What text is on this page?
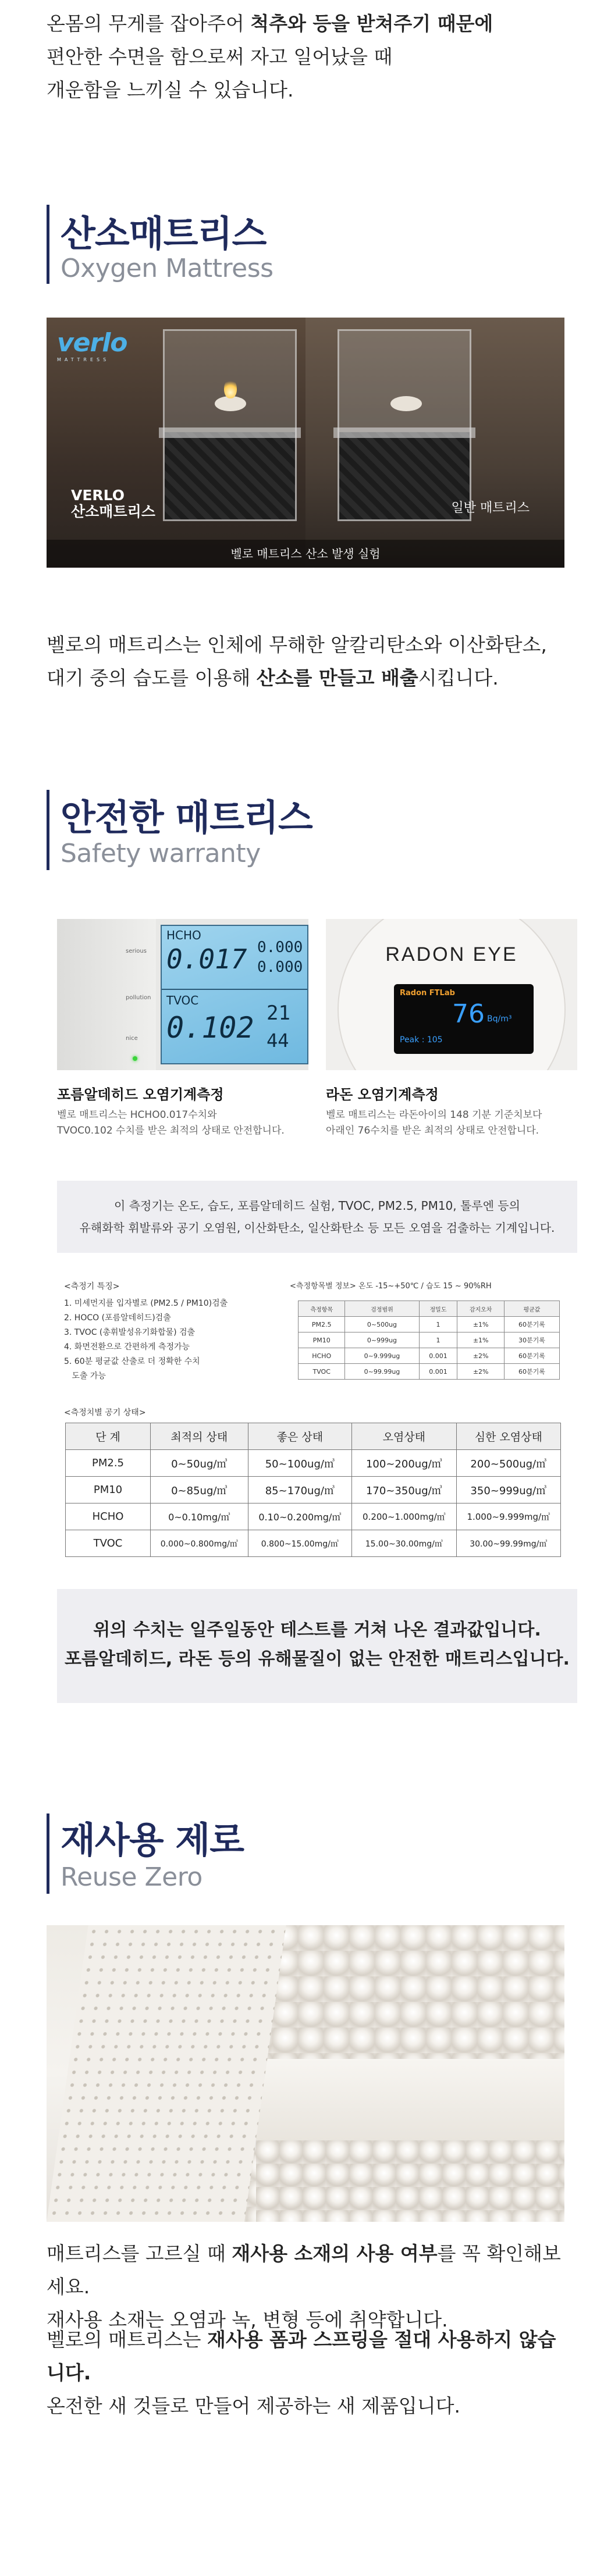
온몸의 무게를 잡아주어 척추와 등을 받쳐주기 때문에
편안한 수면을 함으로써 자고 일어났을 때
개운함을 느끼실 수 있습니다.
산소매트리스
Oxygen Mattress
verlo
MATTRESS
VERLO
산소매트리스	일반 매트리스
벨로 매트리스 산소 발생 실험
벨로의 매트리스는 인체에 무해한 알칼리탄소와 이산화탄소,
대기 중의 습도를 이용해 산소를 만들고 배출시킵니다.
안전한 매트리스
Safety warranty
serious
pollution
nice
HCHO
0.017 0.000
0.000
TVOC
0.102 21
44
RADON EYE
Radon FTLab
76 Bq/m³
Peak : 105
포름알데히드 오염기계측정
벨로 매트리스는 HCHO0.017수치와
TVOC0.102 수치를 받은 최적의 상태로 안전합니다.
라돈 오염기계측정
벨로 매트리스는 라돈아이의 148 기분 기준치보다
아래인 76수치를 받은 최적의 상태로 안전합니다.
이 측정기는 온도, 습도, 포름알데히드 실험, TVOC, PM2.5, PM10, 톨루엔 등의
유해화학 휘발류와 공기 오염원, 이산화탄소, 일산화탄소 등 모든 오염을 검출하는 기계입니다.
<측정기 특징>
1. 미세먼지를 입자별로 (PM2.5 / PM10)검출
2. HOCO (포름알데히드)검출
3. TVOC (총휘발성유기화합물) 검출
4. 화면전환으로 간편하게 측정가능
5. 60분 평균값 산출로 더 정확한 수치
도출 가능
<측정항목별 정보> 온도 -15~+50℃ / 습도 15 ~ 90%RH
측정항목	검정범위	정밀도	감지오차	평균값
PM2.5	0~500ug	1	±1%	60분기록
PM10	0~999ug	1	±1%	30분기록
HCHO	0~9.999ug	0.001	±2%	60분기록
TVOC	0~99.99ug	0.001	±2%	60분기록
<측정치별 공기 상태>
단 계	최적의 상태	좋은 상태	오염상태	심한 오염상태
PM2.5	0~50ug/㎥	50~100ug/㎥	100~200ug/㎥	200~500ug/㎥
PM10	0~85ug/㎥	85~170ug/㎥	170~350ug/㎥	350~999ug/㎥
HCHO	0~0.10mg/㎥	0.10~0.200mg/㎥	0.200~1.000mg/㎥	1.000~9.999mg/㎥
TVOC	0.000~0.800mg/㎥	0.800~15.00mg/㎥	15.00~30.00mg/㎥	30.00~99.99mg/㎥
위의 수치는 일주일동안 테스트를 거쳐 나온 결과값입니다.
포름알데히드, 라돈 등의 유해물질이 없는 안전한 매트리스입니다.
재사용 제로
Reuse Zero
매트리스를 고르실 때 재사용 소재의 사용 여부를 꼭 확인해보세요.
재사용 소재는 오염과 녹, 변형 등에 취약합니다.
벨로의 매트리스는 재사용 폼과 스프링을 절대 사용하지 않습니다.
온전한 새 것들로 만들어 제공하는 새 제품입니다.
